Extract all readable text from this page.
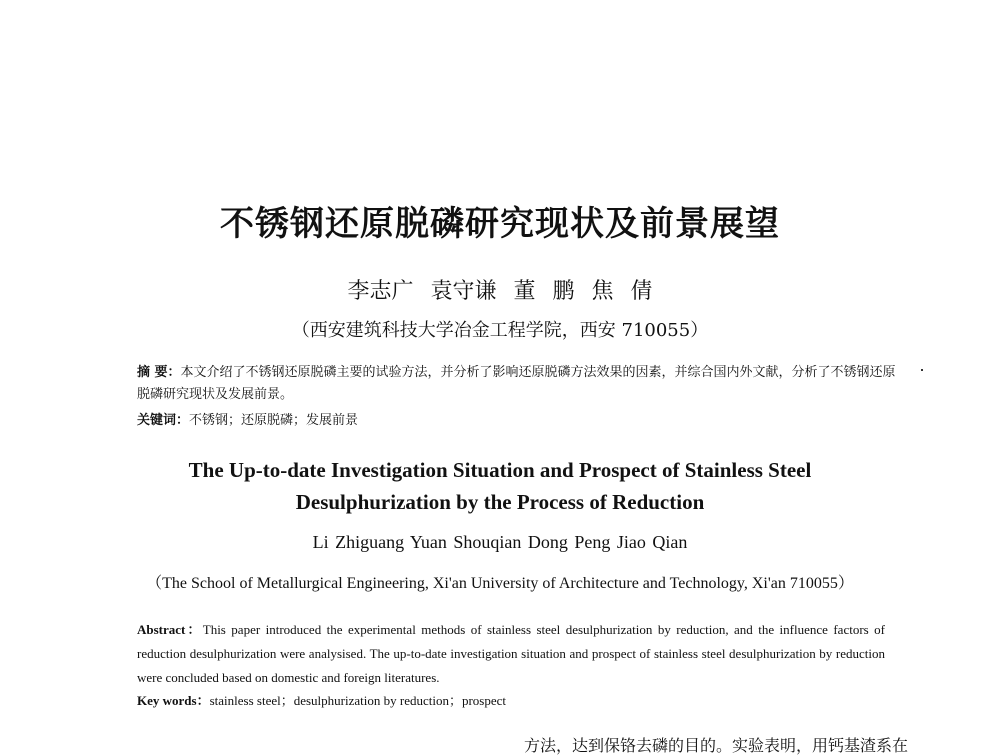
不锈钢还原脱磷研究现状及前景展望
李志广 袁守谦 董 鹏 焦 倩
（西安建筑科技大学冶金工程学院，西安 710055）
摘 要：本文介绍了不锈钢还原脱磷主要的试验方法，并分析了影响还原脱磷方法效果的因素，并综合国内外文献，分析了不锈钢还原脱磷研究现状及发展前景。
关键词：不锈钢；还原脱磷；发展前景
The Up-to-date Investigation Situation and Prospect of Stainless Steel
Desulphurization by the Process of Reduction
Li Zhiguang Yuan Shouqian Dong Peng Jiao Qian
（The School of Metallurgical Engineering, Xi'an University of Architecture and Technology, Xi'an 710055）
Abstract：This paper introduced the experimental methods of stainless steel desulphurization by reduction, and the influence factors of reduction desulphurization were analysised. The up-to-date investigation situation and prospect of stainless steel desulphurization by reduction were concluded based on domestic and foreign literatures.
Key words：stainless steel；desulphurization by reduction；prospect
方法，达到保铬去磷的目的。实验表明，用钙基渣系在
